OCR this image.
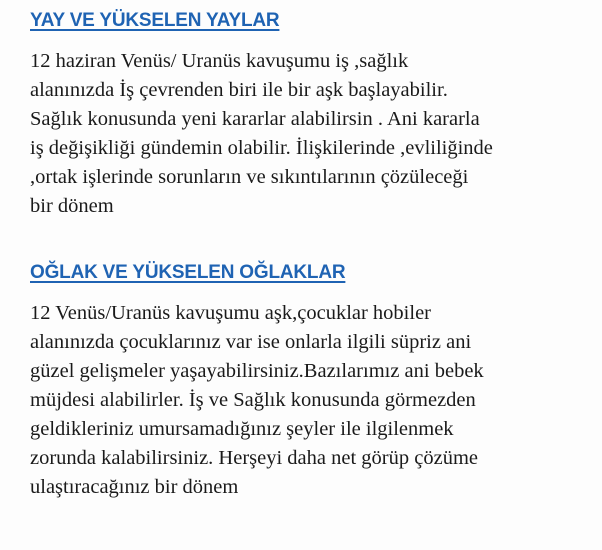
YAY VE YÜKSELEN YAYLAR
12 haziran Venüs/ Uranüs kavuşumu iş ,sağlık
alanınızda İş çevrenden biri ile bir aşk başlayabilir.
Sağlık konusunda yeni kararlar alabilirsin . Ani kararla
iş değişikliği gündemin olabilir. İlişkilerinde ,evliliğinde
,ortak işlerinde sorunların ve sıkıntılarının çözüleceği
bir dönem
OĞLAK VE YÜKSELEN OĞLAKLAR
12 Venüs/Uranüs kavuşumu aşk,çocuklar hobiler
alanınızda çocuklarınız var ise onlarla ilgili süpriz ani
güzel gelişmeler yaşayabilirsiniz.Bazılarımız ani bebek
müjdesi alabilirler. İş ve Sağlık konusunda görmezden
geldikleriniz umursamadığınız şeyler ile ilgilenmek
zorunda kalabilirsiniz. Herşeyi daha net görüp çözüme
ulaştıracağınız bir dönem
